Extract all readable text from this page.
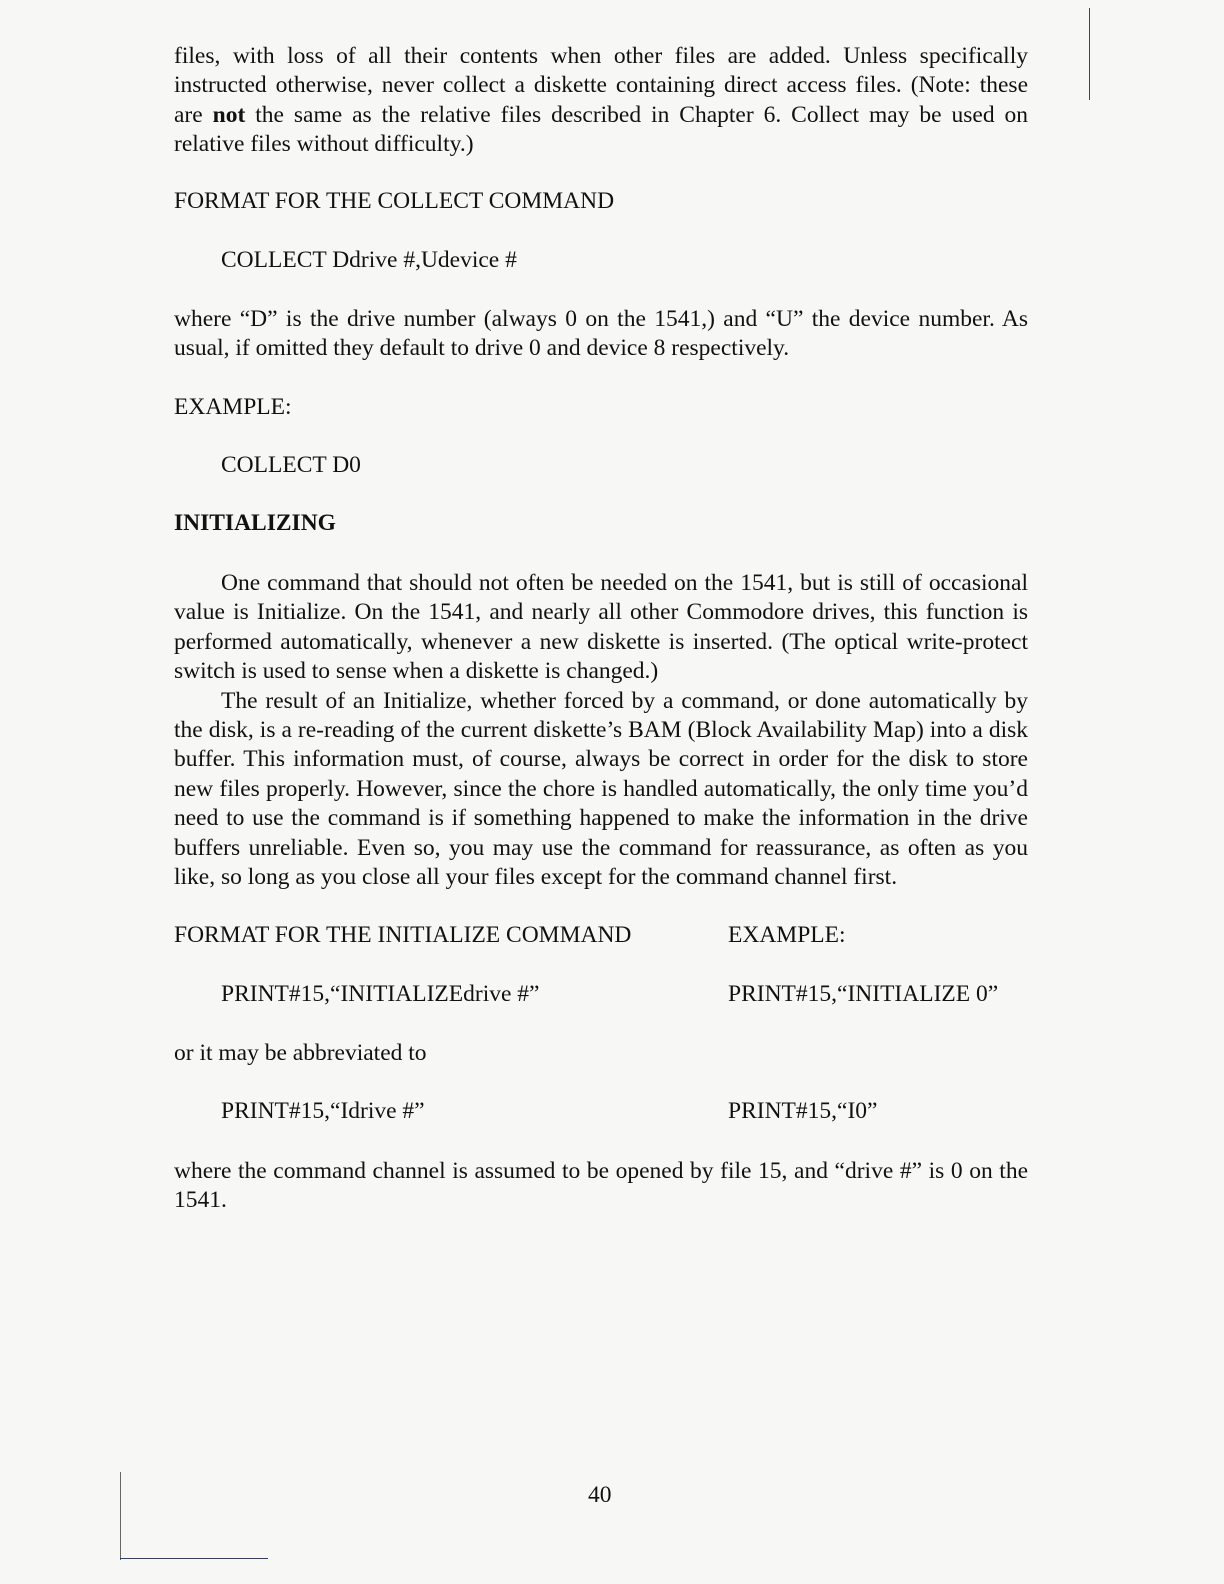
files, with loss of all their contents when other files are added. Unless specifically instructed otherwise, never collect a diskette containing direct access files. (Note: these are not the same as the relative files described in Chapter 6. Collect may be used on relative files without difficulty.)

FORMAT FOR THE COLLECT COMMAND
COLLECT Ddrive #,Udevice #

where “D” is the drive number (always 0 on the 1541,) and “U” the device number. As usual, if omitted they default to drive 0 and device 8 respectively.

EXAMPLE:
COLLECT D0
INITIALIZING

One command that should not often be needed on the 1541, but is still of occasional value is Initialize. On the 1541, and nearly all other Commodore drives, this function is performed automatically, whenever a new diskette is inserted. (The optical write-protect switch is used to sense when a diskette is changed.)

The result of an Initialize, whether forced by a command, or done automatically by the disk, is a re-reading of the current diskette’s BAM (Block Availability Map) into a disk buffer. This information must, of course, always be correct in order for the disk to store new files properly. However, since the chore is handled automatically, the only time you’d need to use the command is if something happened to make the information in the drive buffers unreliable. Even so, you may use the command for reassurance, as often as you like, so long as you close all your files except for the command channel first.

FORMAT FOR THE INITIALIZE COMMAND	EXAMPLE:
PRINT#15,“INITIALIZEdrive #”	PRINT#15,“INITIALIZE 0”
or it may be abbreviated to
PRINT#15,“Idrive #”	PRINT#15,“I0”

where the command channel is assumed to be opened by file 15, and “drive #” is 0 on the 1541.

40
